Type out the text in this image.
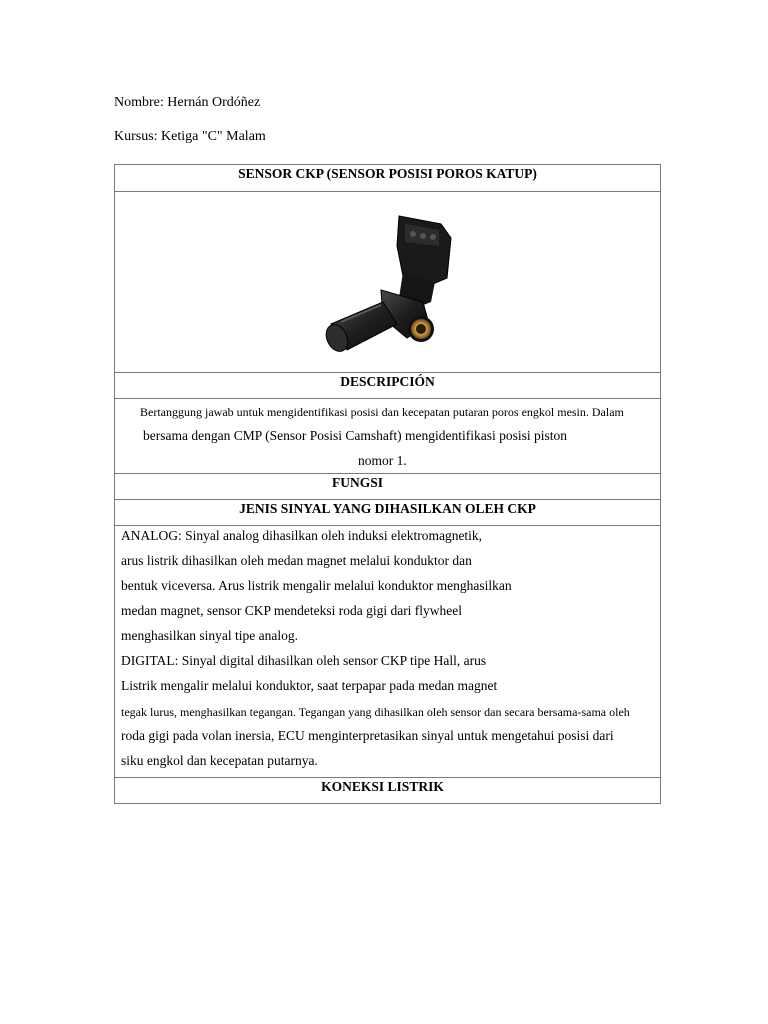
Nombre: Hernán Ordóñez
Kursus: Ketiga "C" Malam
SENSOR CKP (SENSOR POSISI POROS KATUP)
DESCRIPCIÓN
Bertanggung jawab untuk mengidentifikasi posisi dan kecepatan putaran poros engkol mesin. Dalam
bersama dengan CMP (Sensor Posisi Camshaft) mengidentifikasi posisi piston
nomor 1.
FUNGSI
JENIS SINYAL YANG DIHASILKAN OLEH CKP
ANALOG: Sinyal analog dihasilkan oleh induksi elektromagnetik,
arus listrik dihasilkan oleh medan magnet melalui konduktor dan
bentuk viceversa. Arus listrik mengalir melalui konduktor menghasilkan
medan magnet, sensor CKP mendeteksi roda gigi dari flywheel
menghasilkan sinyal tipe analog.
DIGITAL: Sinyal digital dihasilkan oleh sensor CKP tipe Hall, arus
Listrik mengalir melalui konduktor, saat terpapar pada medan magnet
tegak lurus, menghasilkan tegangan. Tegangan yang dihasilkan oleh sensor dan secara bersama-sama oleh
roda gigi pada volan inersia, ECU menginterpretasikan sinyal untuk mengetahui posisi dari
siku engkol dan kecepatan putarnya.
KONEKSI LISTRIK
